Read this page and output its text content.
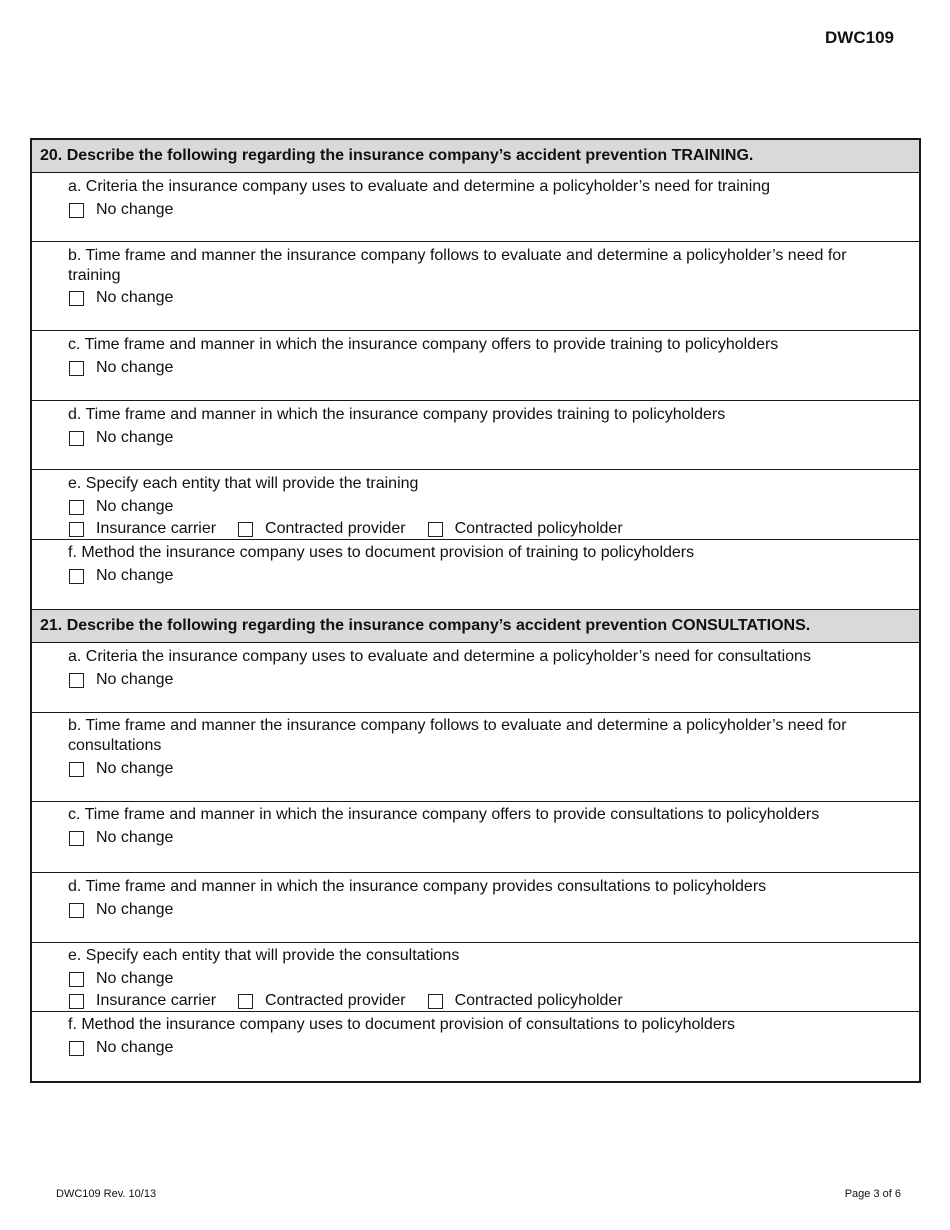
DWC109
20. Describe the following regarding the insurance company’s accident prevention TRAINING.
a. Criteria the insurance company uses to evaluate and determine a policyholder’s need for training
No change
b. Time frame and manner the insurance company follows to evaluate and determine a policyholder’s need for training
No change
c. Time frame and manner in which the insurance company offers to provide training to policyholders
No change
d. Time frame and manner in which the insurance company provides training to policyholders
No change
e. Specify each entity that will provide the training
No change
Insurance carrier	Contracted provider	Contracted policyholder
f. Method the insurance company uses to document provision of training to policyholders
No change
21. Describe the following regarding the insurance company’s accident prevention CONSULTATIONS.
a. Criteria the insurance company uses to evaluate and determine a policyholder’s need for consultations
No change
b. Time frame and manner the insurance company follows to evaluate and determine a policyholder’s need for consultations
No change
c. Time frame and manner in which the insurance company offers to provide consultations to policyholders
No change
d. Time frame and manner in which the insurance company provides consultations to policyholders
No change
e. Specify each entity that will provide the consultations
No change
Insurance carrier	Contracted provider	Contracted policyholder
f. Method the insurance company uses to document provision of consultations to policyholders
No change
DWC109 Rev. 10/13	Page 3 of 6
